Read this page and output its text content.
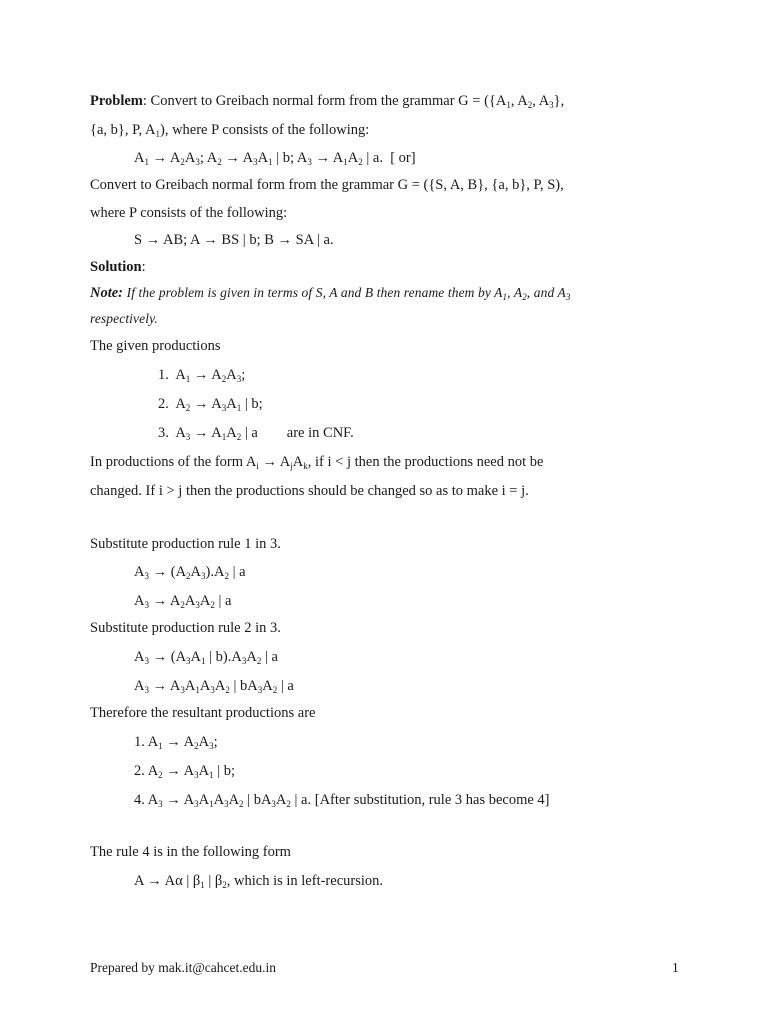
Problem: Convert to Greibach normal form from the grammar $G = (\{A_1$, $A_2$, $A_3$},
{a, b}, P, $A_1$), where P consists of the following:
$A_1 \to A_2A_3$; $A_2 \to A_3A_1$ | b; $A_3 \to A_1A_2$ | a.  [ or]
Convert to Greibach normal form from the grammar G = ({S, A, B}, {a, b}, P, S),
where P consists of the following:
S → AB; A → BS | b; B → SA | a.
Solution:
Note: If the problem is given in terms of S, A and B then rename them by $A_1$, $A_2$, and $A_3$
respectively.
The given productions
1.  $A_1 \to A_2A_3$;
2.  $A_2 \to A_3A_1$ | b;
3.  $A_3 \to A_1A_2$ | a        are in CNF.
In productions of the form $A_i \to A_jA_k$, if i < j then the productions need not be
changed. If i > j then the productions should be changed so as to make i = j.
Substitute production rule 1 in 3.
$A_3 \to (A_2A_3).A_2$ | a
$A_3 \to A_2A_3A_2$ | a
Substitute production rule 2 in 3.
$A_3 \to (A_3A_1$ | $b).A_3A_2$ | a
$A_3 \to A_3A_1A_3A_2$ | $bA_3A_2$ | a
Therefore the resultant productions are
1. $A_1 \to A_2A_3$;
2. $A_2 \to A_3A_1$ | b;
4. $A_3 \to A_3A_1A_3A_2$ | $bA_3A_2$ | a. [After substitution, rule 3 has become 4]
The rule 4 is in the following form
A → Aα | $\beta_1$ | $\beta_2$, which is in left-recursion.
Prepared by mak.it@cahcet.edu.in	1
